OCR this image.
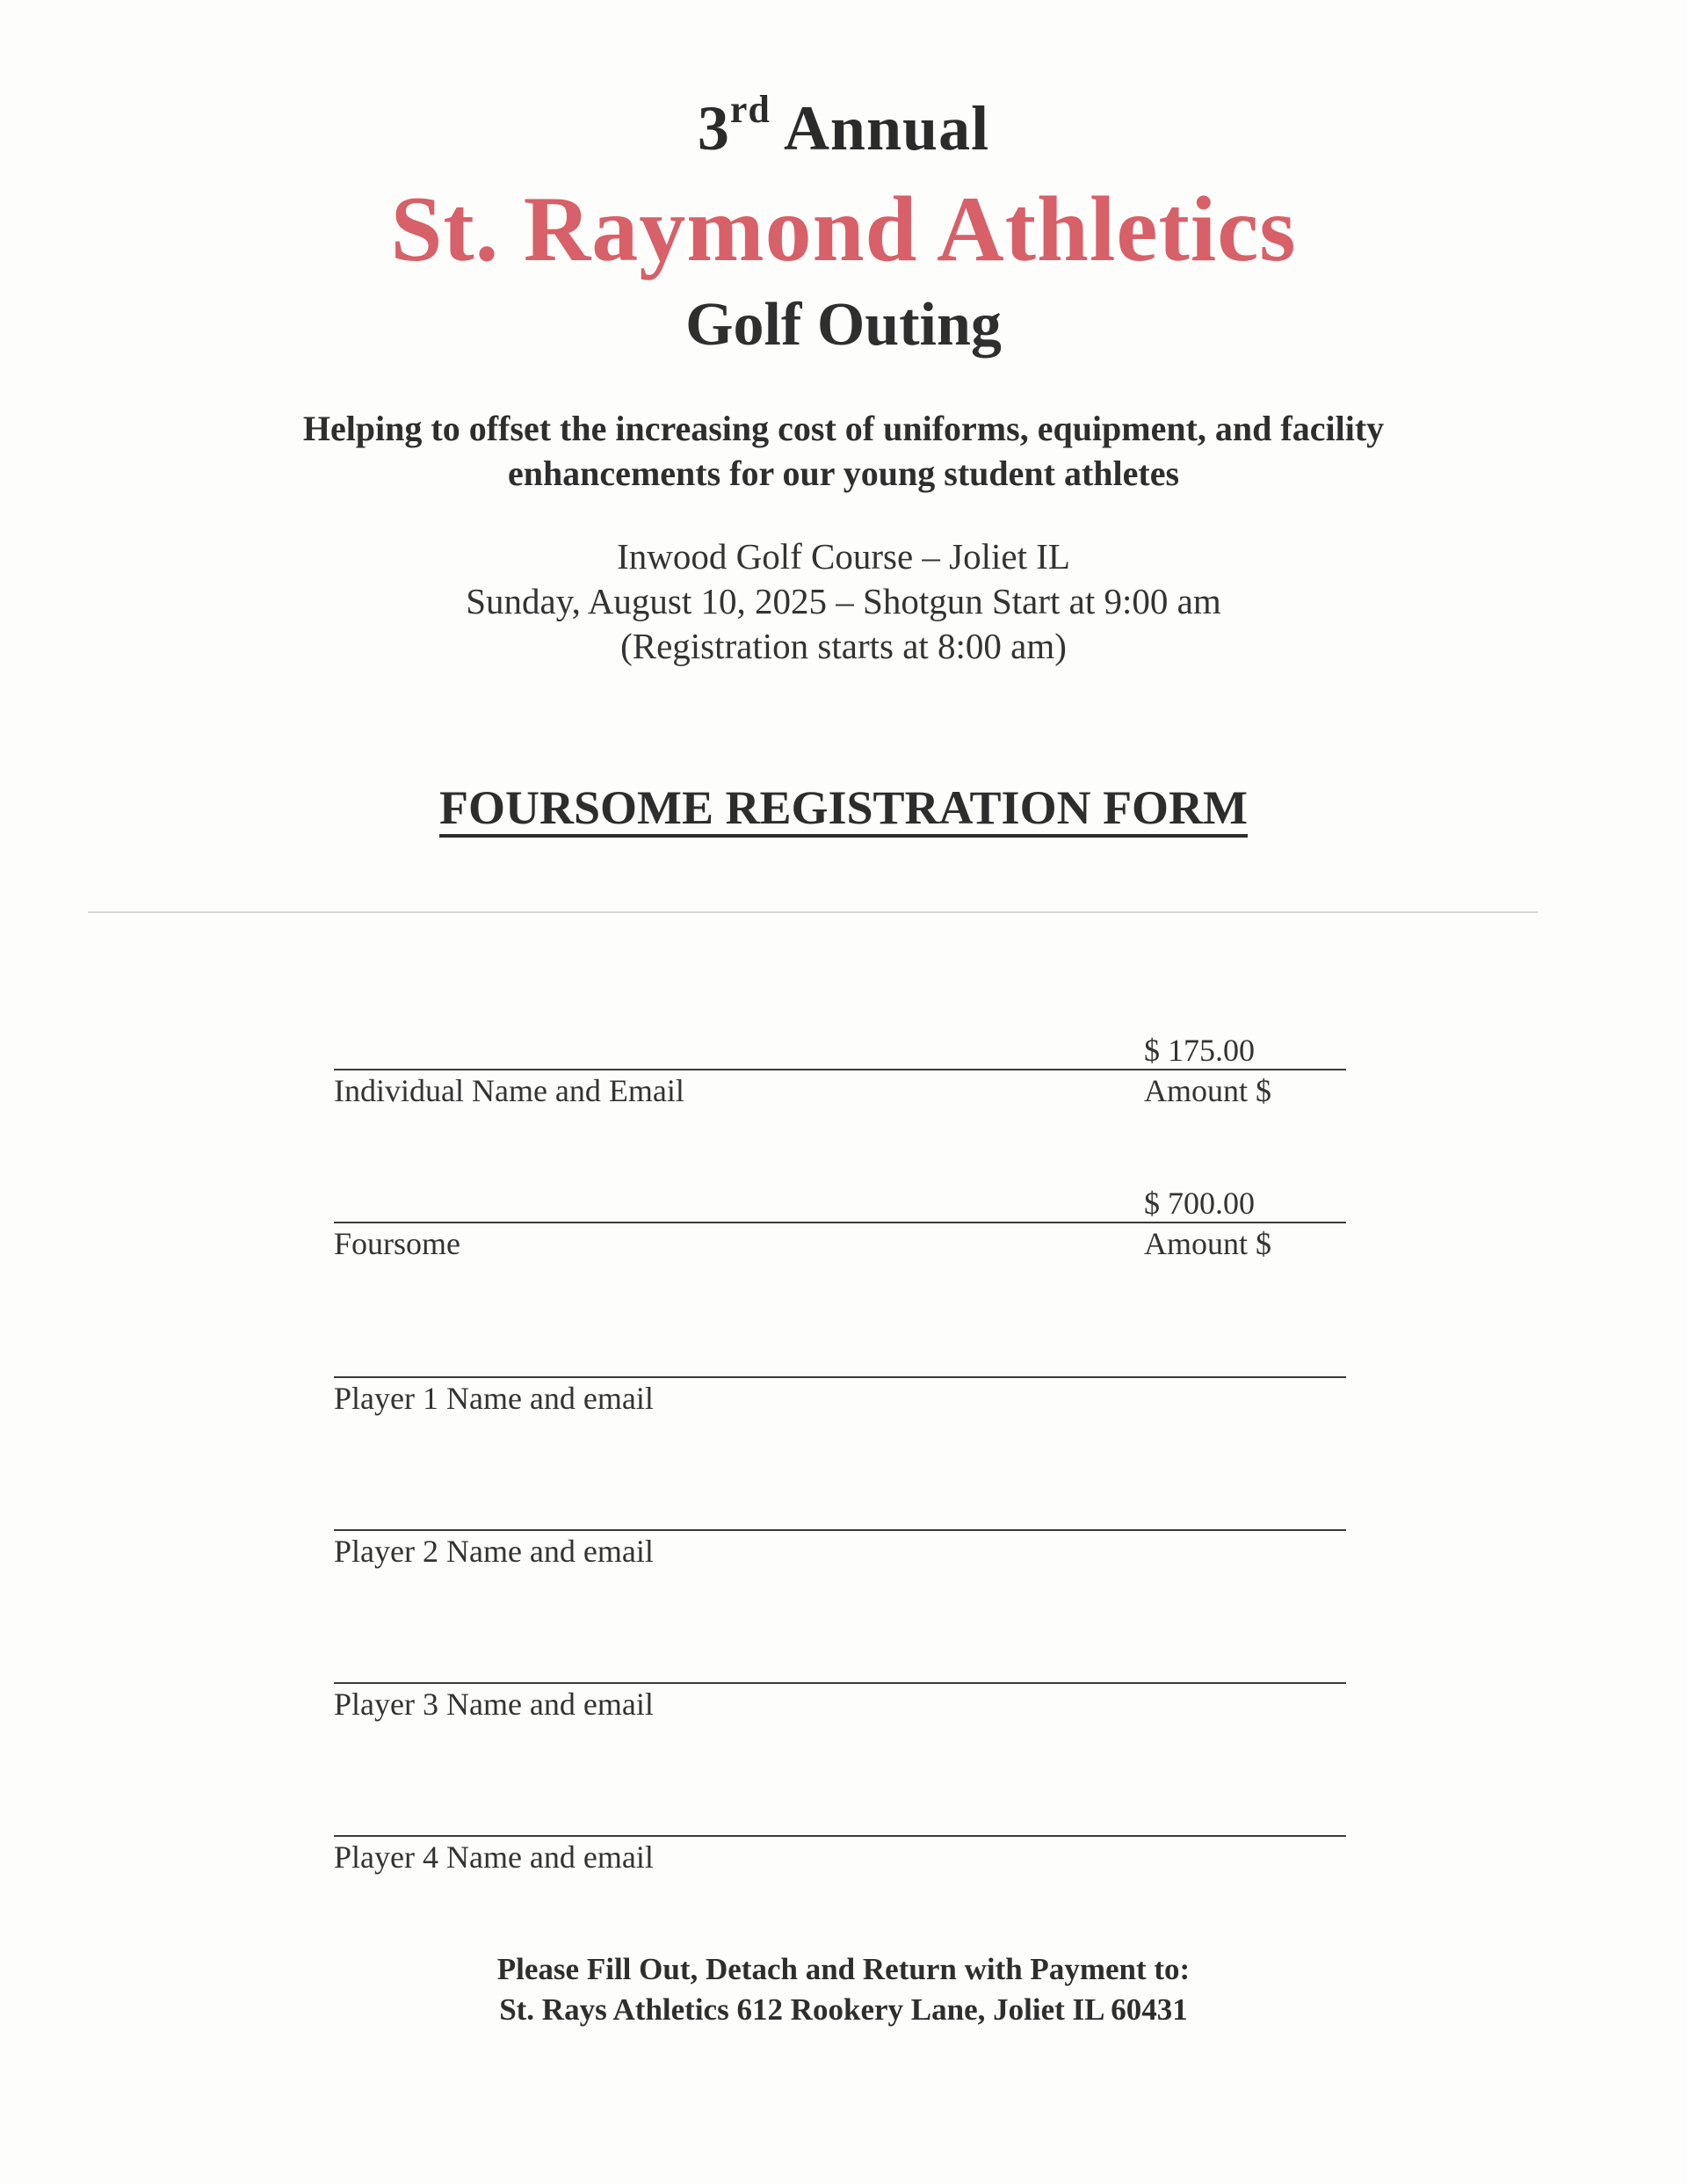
3rd Annual
St. Raymond Athletics
Golf Outing
Helping to offset the increasing cost of uniforms, equipment, and facility
enhancements for our young student athletes
Inwood Golf Course – Joliet IL
Sunday, August 10, 2025 – Shotgun Start at 9:00 am
(Registration starts at 8:00 am)
FOURSOME REGISTRATION FORM
$ 175.00
Individual Name and Email	Amount $
$ 700.00
Foursome	Amount $
Player 1 Name and email
Player 2 Name and email
Player 3 Name and email
Player 4 Name and email
Please Fill Out, Detach and Return with Payment to:
St. Rays Athletics 612 Rookery Lane, Joliet IL 60431
